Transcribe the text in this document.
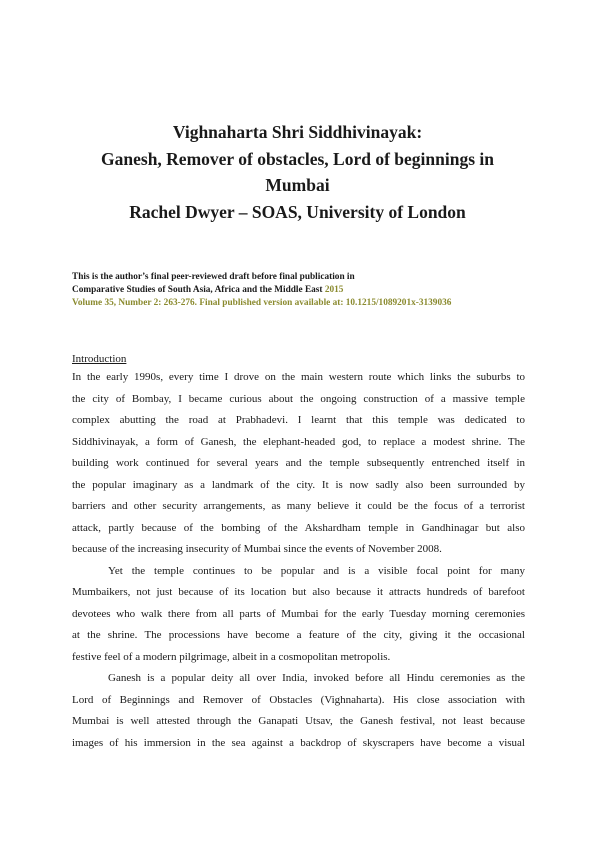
Vighnaharta Shri Siddhivinayak:
Ganesh, Remover of obstacles, Lord of beginnings in
Mumbai
Rachel Dwyer – SOAS, University of London
This is the author’s final peer-reviewed draft before final publication in
Comparative Studies of South Asia, Africa and the Middle East 2015
Volume 35, Number 2: 263-276. Final published version available at: 10.1215/1089201x-3139036
Introduction
In the early 1990s, every time I drove on the main western route which links the suburbs to
the city of Bombay, I became curious about the ongoing construction of a massive temple
complex abutting the road at Prabhadevi. I learnt that this temple was dedicated to
Siddhivinayak, a form of Ganesh, the elephant-headed god, to replace a modest shrine. The
building work continued for several years and the temple subsequently entrenched itself in
the popular imaginary as a landmark of the city. It is now sadly also been surrounded by
barriers and other security arrangements, as many believe it could be the focus of a terrorist
attack, partly because of the bombing of the Akshardham temple in Gandhinagar but also
because of the increasing insecurity of Mumbai since the events of November 2008.
Yet the temple continues to be popular and is a visible focal point for many
Mumbaikers, not just because of its location but also because it attracts hundreds of barefoot
devotees who walk there from all parts of Mumbai for the early Tuesday morning ceremonies
at the shrine. The processions have become a feature of the city, giving it the occasional
festive feel of a modern pilgrimage, albeit in a cosmopolitan metropolis.
Ganesh is a popular deity all over India, invoked before all Hindu ceremonies as the
Lord of Beginnings and Remover of Obstacles (Vighnaharta). His close association with
Mumbai is well attested through the Ganapati Utsav, the Ganesh festival, not least because
images of his immersion in the sea against a backdrop of skyscrapers have become a visual
